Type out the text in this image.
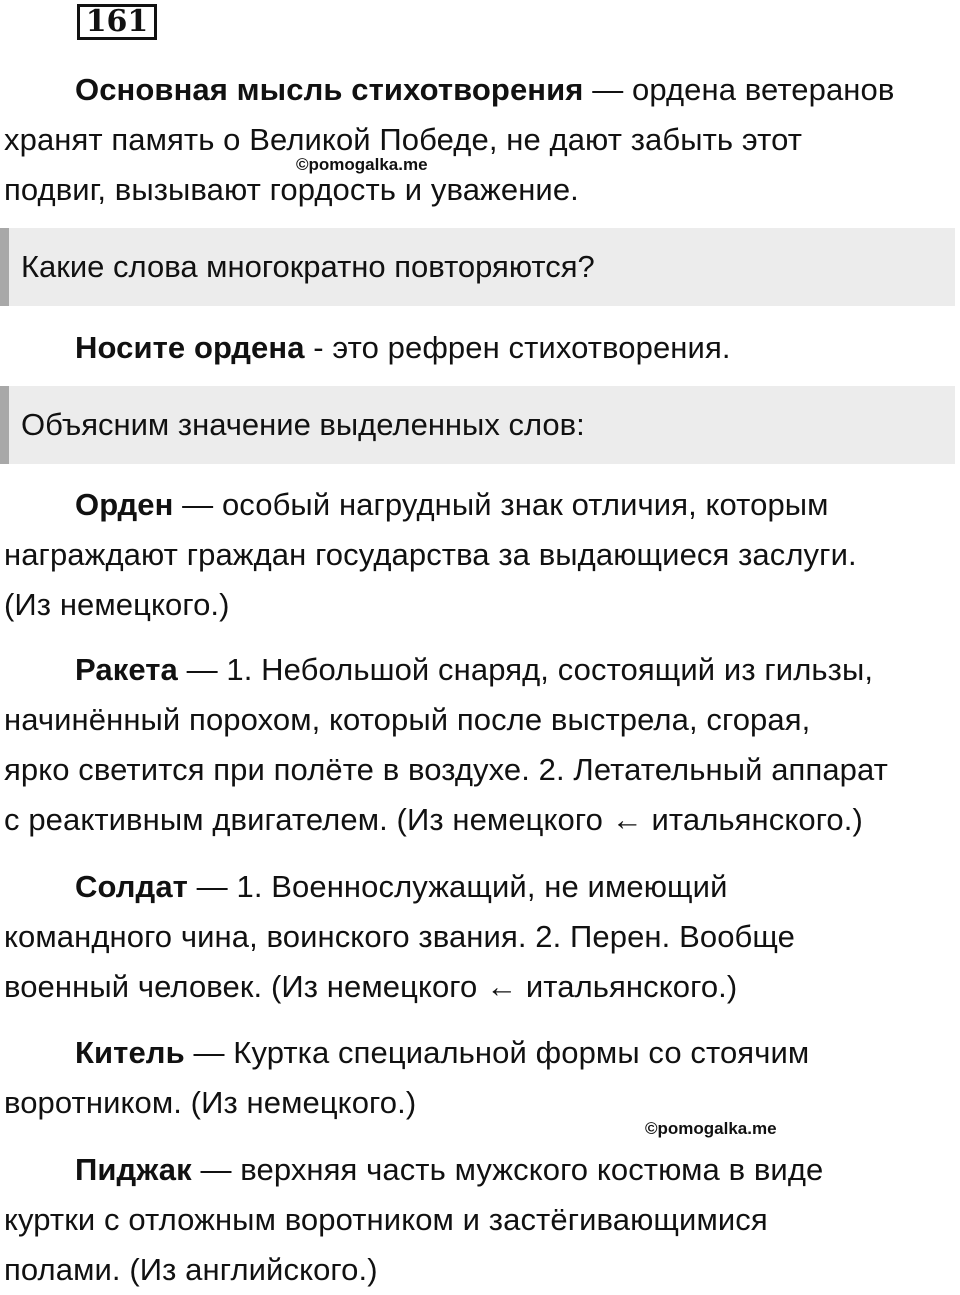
161
Основная мысль стихотворения — ордена ветеранов
хранят память о Великой Победе, не дают забыть этот
подвиг, вызывают гордость и уважение.
©pomogalka.me
Какие слова многократно повторяются?
Носите ордена - это рефрен стихотворения.
Объясним значение выделенных слов:
Орден — особый нагрудный знак отличия, которым
награждают граждан государства за выдающиеся заслуги.
(Из немецкого.)
Ракета — 1. Небольшой снаряд, состоящий из гильзы,
начинённый порохом, который после выстрела, сгорая,
ярко светится при полёте в воздухе. 2. Летательный аппарат
с реактивным двигателем. (Из немецкого ← итальянского.)
Солдат — 1. Военнослужащий, не имеющий
командного чина, воинского звания. 2. Перен. Вообще
военный человек. (Из немецкого ← итальянского.)
Китель — Куртка специальной формы со стоячим
воротником. (Из немецкого.)
©pomogalka.me
Пиджак — верхняя часть мужского костюма в виде
куртки с отложным воротником и застёгивающимися
полами. (Из английского.)
